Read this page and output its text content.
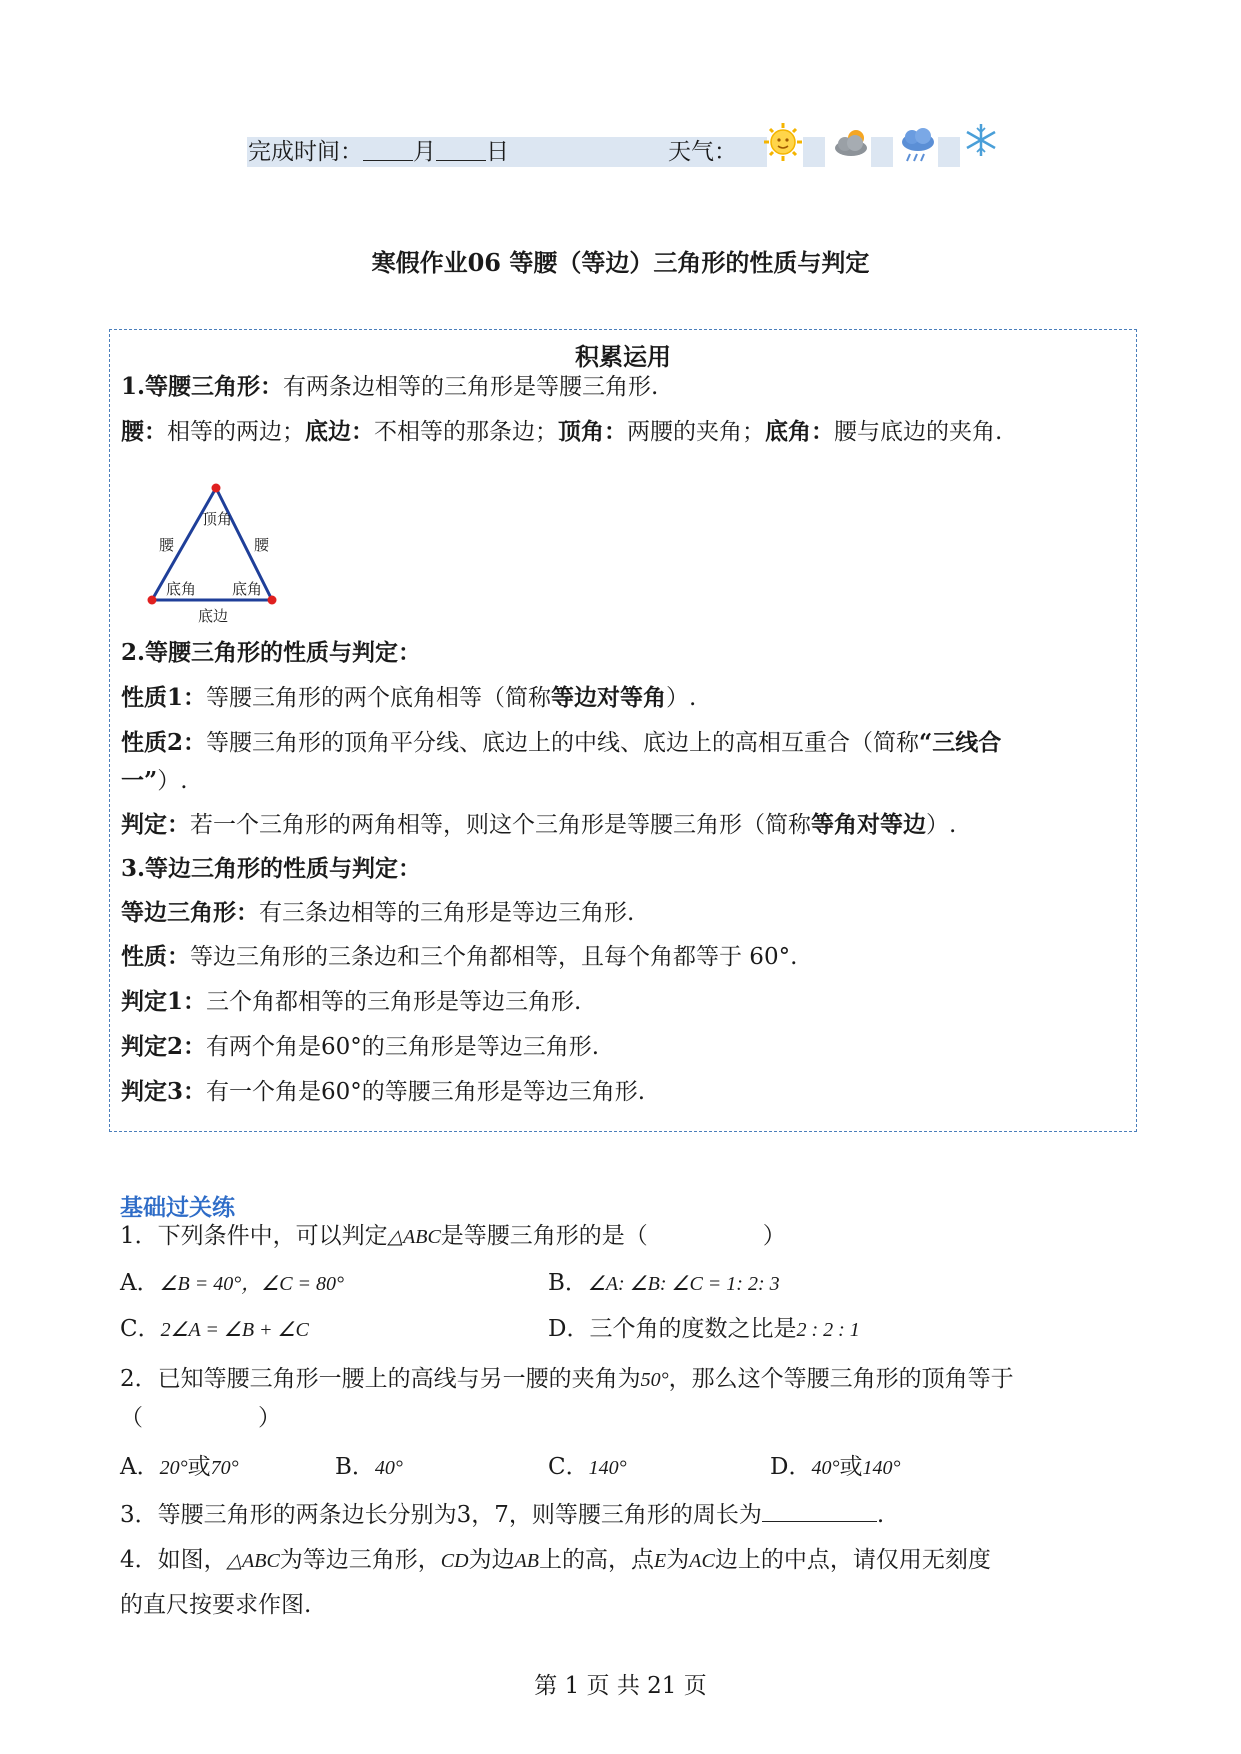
完成时间： 月 日	天气：
寒假作业06 等腰（等边）三角形的性质与判定
积累运用
1.等腰三角形：有两条边相等的三角形是等腰三角形.
腰：相等的两边；底边：不相等的那条边；顶角：两腰的夹角；底角：腰与底边的夹角.
顶角
腰	腰
底角 底角
底边
2.等腰三角形的性质与判定：
性质1：等腰三角形的两个底角相等（简称等边对等角）.
性质2：等腰三角形的顶角平分线、底边上的中线、底边上的高相互重合（简称“三线合
一”）.
判定：若一个三角形的两角相等，则这个三角形是等腰三角形（简称等角对等边）.
3.等边三角形的性质与判定：
等边三角形：有三条边相等的三角形是等边三角形.
性质：等边三角形的三条边和三个角都相等，且每个角都等于 60°.
判定1：三个角都相等的三角形是等边三角形.
判定2：有两个角是60°的三角形是等边三角形.
判定3：有一个角是60°的等腰三角形是等边三角形.
基础过关练
1．下列条件中，可以判定△ABC是等腰三角形的是（	）
A．∠B = 40°，∠C = 80°	B．∠A: ∠B: ∠C = 1: 2: 3
C．2∠A = ∠B + ∠C	D．三个角的度数之比是2 : 2 : 1
2．已知等腰三角形一腰上的高线与另一腰的夹角为50°，那么这个等腰三角形的顶角等于
（	）
A．20°或70°	B．40°	C．140°	D．40°或140°
3．等腰三角形的两条边长分别为3，7，则等腰三角形的周长为	.
4．如图，△ABC为等边三角形，CD为边AB上的高，点E为AC边上的中点，请仅用无刻度
的直尺按要求作图.
第 1 页 共 21 页
